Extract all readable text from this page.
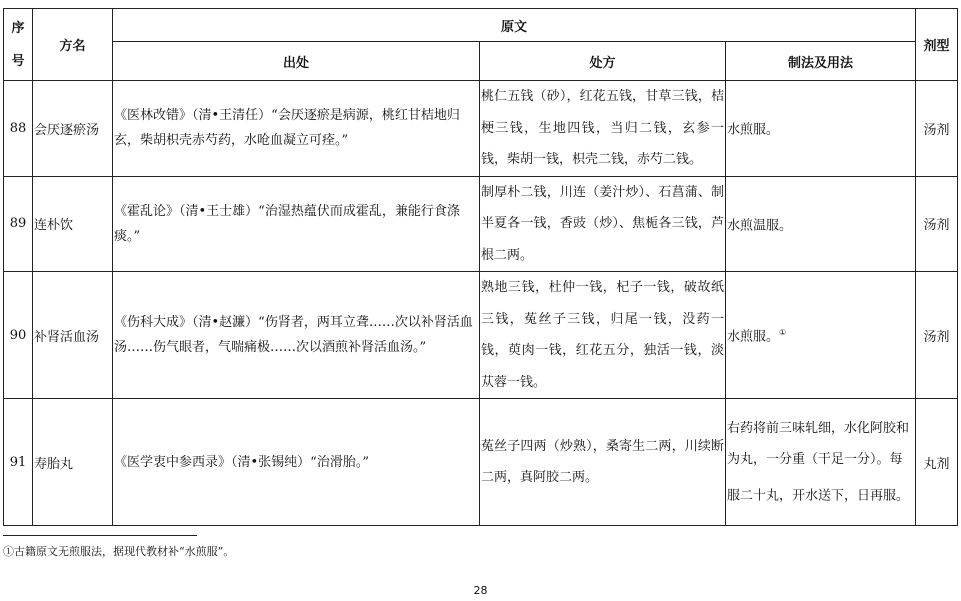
序号	方名	原文			剂型
		出处	处方	制法及用法	
88	会厌逐瘀汤	《医林改错》（清•王清任）“会厌逐瘀是病源，桃红甘桔地归玄，柴胡枳壳赤芍药，水呛血凝立可痊。”	桃仁五钱（砂），红花五钱，甘草三钱，桔梗三钱，生地四钱，当归二钱，玄参一钱，柴胡一钱，枳壳二钱，赤芍二钱。	水煎服。	汤剂
89	连朴饮	《霍乱论》（清•王士雄）“治湿热蕴伏而成霍乱，兼能行食涤痰。”	制厚朴二钱，川连（姜汁炒）、石菖蒲、制半夏各一钱，香豉（炒）、焦栀各三钱，芦根二两。	水煎温服。	汤剂
90	补肾活血汤	《伤科大成》（清•赵濂）“伤肾者，两耳立聋……次以补肾活血汤……伤气眼者，气喘痛极……次以酒煎补肾活血汤。”	熟地三钱，杜仲一钱，杞子一钱，破故纸三钱，菟丝子三钱，归尾一钱，没药一钱，萸肉一钱，红花五分，独活一钱，淡苁蓉一钱。	水煎服。①	汤剂
91	寿胎丸	《医学衷中参西录》（清•张锡纯）“治滑胎。”	菟丝子四两（炒熟），桑寄生二两，川续断二两，真阿胶二两。	右药将前三味轧细，水化阿胶和为丸，一分重（干足一分）。每服二十丸，开水送下，日再服。	丸剂
①古籍原文无煎服法，据现代教材补“水煎服”。
28
